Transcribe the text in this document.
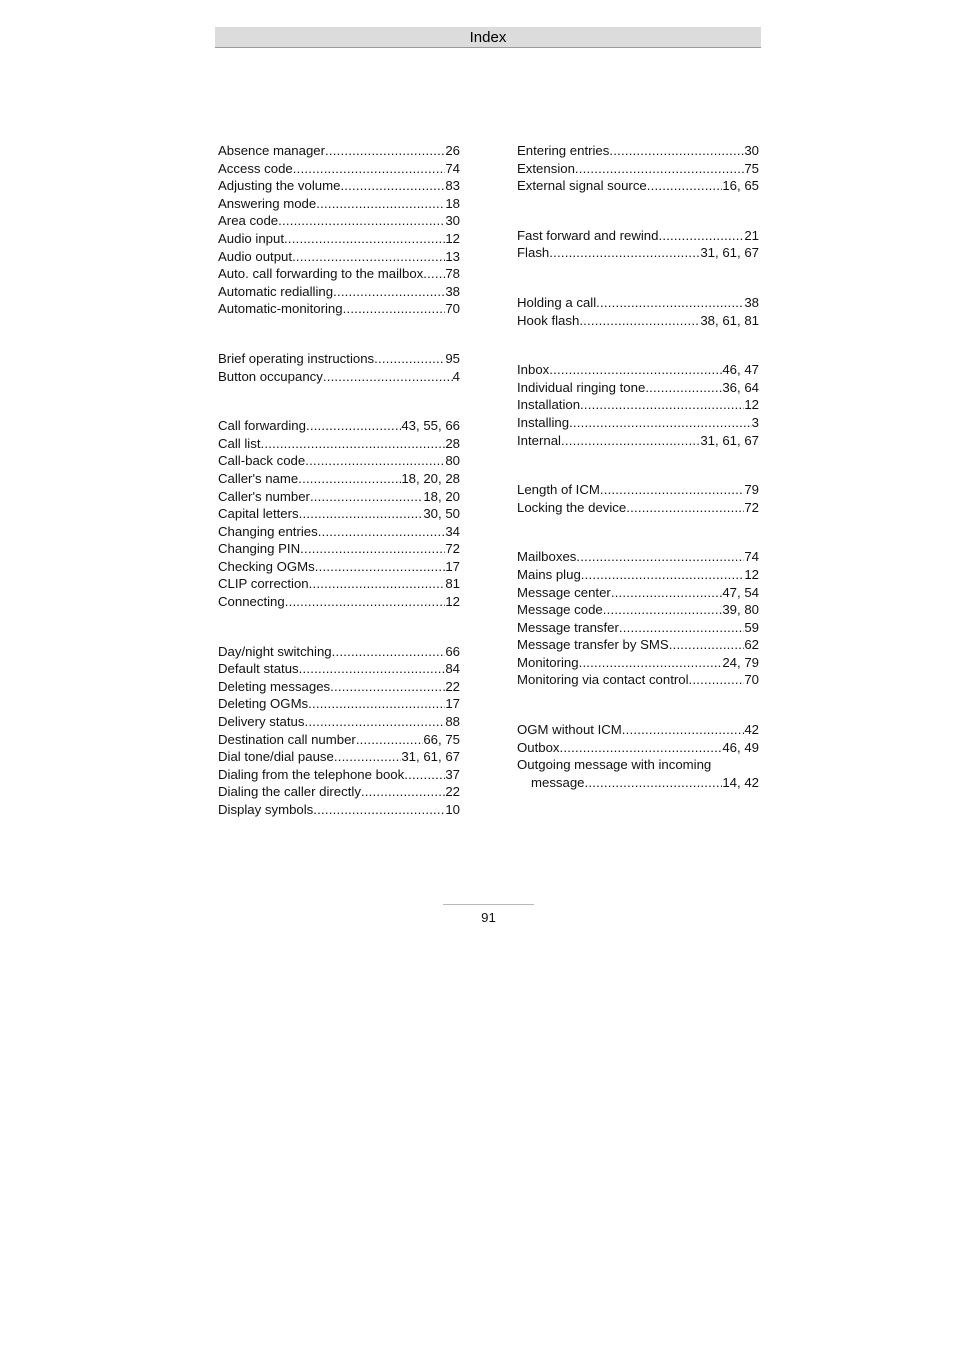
Index
Absence manager .....	26
Access code .....	74
Adjusting the volume .....	83
Answering mode .....	18
Area code .....	30
Audio input .....	12
Audio output .....	13
Auto. call forwarding to the mailbox ..... 78
Automatic redialling .....	38
Automatic-monitoring .....	70
Brief operating instructions .....	95
Button occupancy .....	4
Call forwarding .....	43, 55, 66
Call list .....	28
Call-back code .....	80
Caller's name .....	18, 20, 28
Caller's number .....	18, 20
Capital letters .....	30, 50
Changing entries .....	34
Changing PIN .....	72
Checking OGMs .....	17
CLIP correction .....	81
Connecting .....	12
Day/night switching .....	66
Default status .....	84
Deleting messages .....	22
Deleting OGMs .....	17
Delivery status .....	88
Destination call number .....	66, 75
Dial tone/dial pause .....	31, 61, 67
Dialing from the telephone book .....	37
Dialing the caller directly .....	22
Display symbols .....	10
Entering entries .....	30
Extension .....	75
External signal source .....	16, 65
Fast forward and rewind .....	21
Flash .....	31, 61, 67
Holding a call .....	38
Hook flash .....	38, 61, 81
Inbox .....	46, 47
Individual ringing tone .....	36, 64
Installation .....	12
Installing .....	3
Internal .....	31, 61, 67
Length of ICM .....	79
Locking the device .....	72
Mailboxes .....	74
Mains plug .....	12
Message center .....	47, 54
Message code .....	39, 80
Message transfer .....	59
Message transfer by SMS .....	62
Monitoring .....	24, 79
Monitoring via contact control .....	70
OGM without ICM .....	42
Outbox .....	46, 49
Outgoing message with incoming
message .....	14, 42
91
